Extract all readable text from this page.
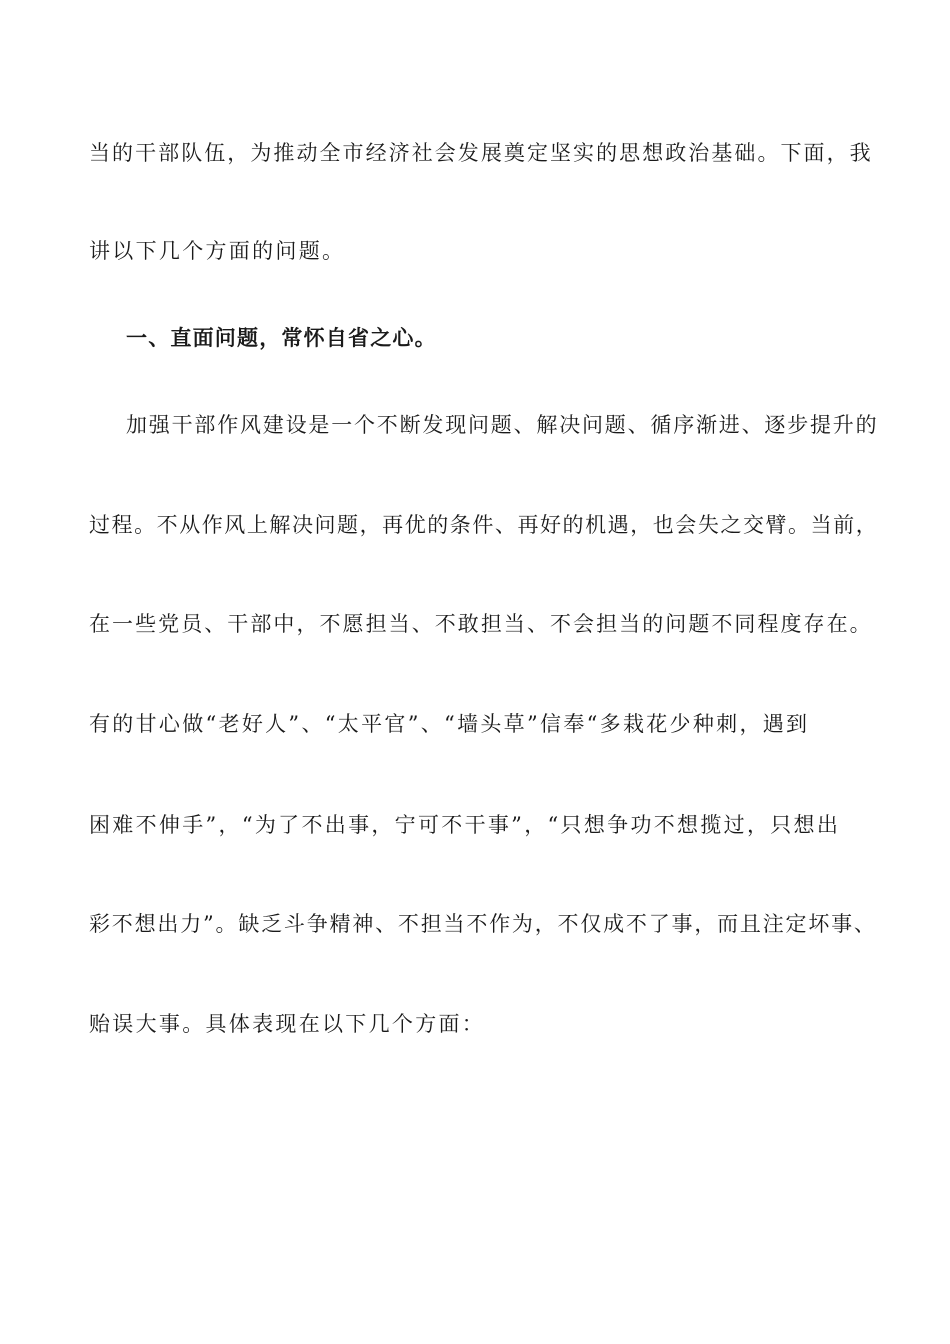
当的干部队伍，为推动全市经济社会发展奠定坚实的思想政治基础。下面，我
讲以下几个方面的问题。
一、直面问题，常怀自省之心。
加强干部作风建设是一个不断发现问题、解决问题、循序渐进、逐步提升的
过程。不从作风上解决问题，再优的条件、再好的机遇，也会失之交臂。当前，
在一些党员、干部中，不愿担当、不敢担当、不会担当的问题不同程度存在。
有的甘心做“老好人”、“太平官”、“墙头草”信奉“多栽花少种刺，遇到
困难不伸手”，“为了不出事，宁可不干事”，“只想争功不想揽过，只想出
彩不想出力”。缺乏斗争精神、不担当不作为，不仅成不了事，而且注定坏事、
贻误大事。具体表现在以下几个方面：
